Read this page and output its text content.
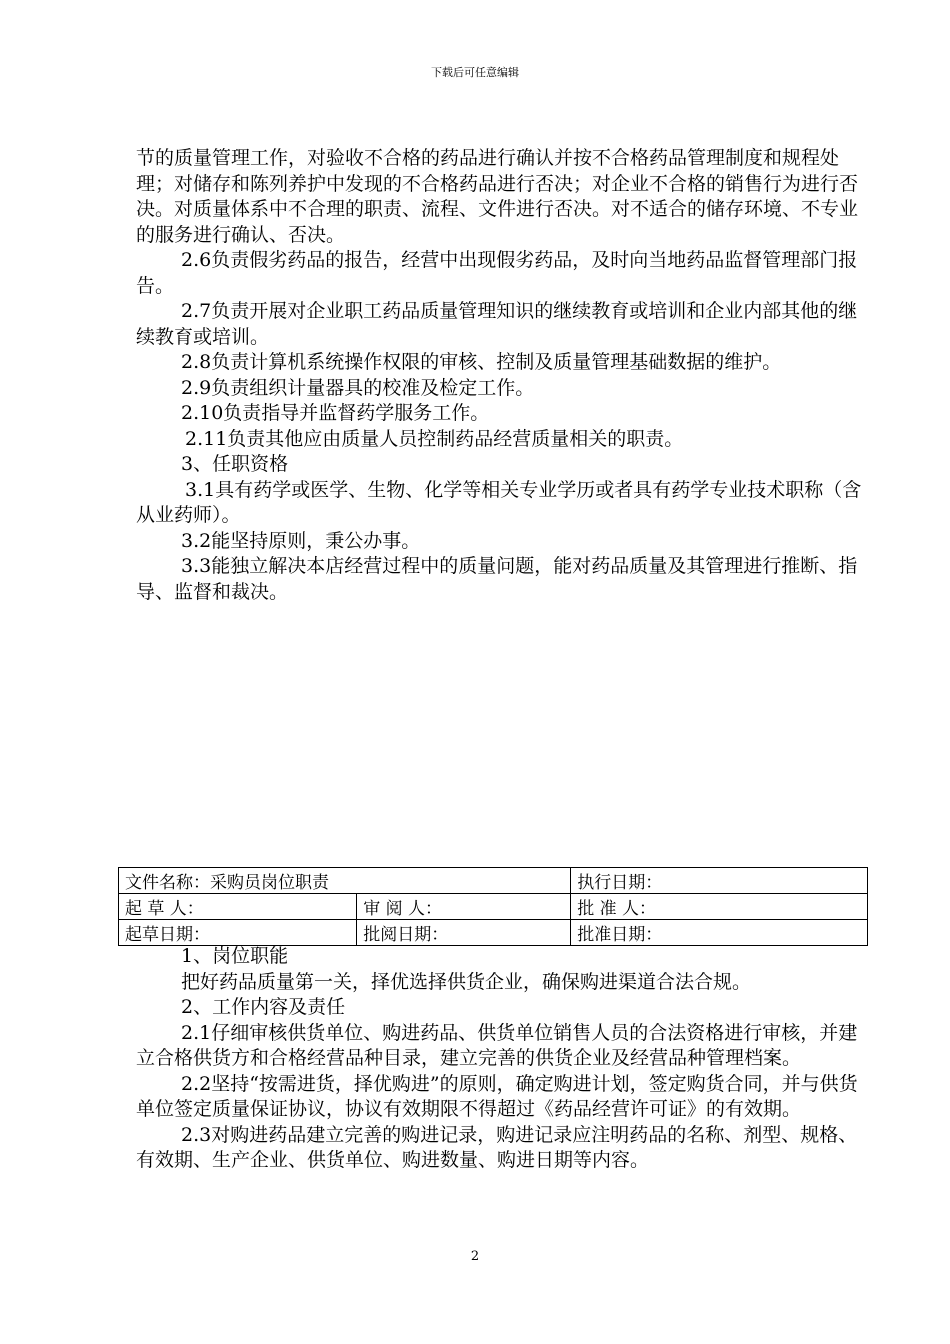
下载后可任意编辑

节的质量管理工作，对验收不合格的药品进行确认并按不合格药品管理制度和规程处理；对储存和陈列养护中发现的不合格药品进行否决；对企业不合格的销售行为进行否决。对质量体系中不合理的职责、流程、文件进行否决。对不适合的储存环境、不专业的服务进行确认、否决。

2.6负责假劣药品的报告，经营中出现假劣药品，及时向当地药品监督管理部门报告。

2.7负责开展对企业职工药品质量管理知识的继续教育或培训和企业内部其他的继续教育或培训。

2.8负责计算机系统操作权限的审核、控制及质量管理基础数据的维护。

2.9负责组织计量器具的校准及检定工作。

2.10负责指导并监督药学服务工作。

2.11负责其他应由质量人员控制药品经营质量相关的职责。

3、任职资格

3.1具有药学或医学、生物、化学等相关专业学历或者具有药学专业技术职称（含从业药师）。

3.2能坚持原则，秉公办事。

3.3能独立解决本店经营过程中的质量问题，能对药品质量及其管理进行推断、指导、监督和裁决。

文件名称：采购员岗位职责		执行日期：
起 草 人：	审 阅 人：	批 准 人：
起草日期：	批阅日期：	批准日期：

1、岗位职能

把好药品质量第一关，择优选择供货企业，确保购进渠道合法合规。

2、工作内容及责任

2.1仔细审核供货单位、购进药品、供货单位销售人员的合法资格进行审核，并建立合格供货方和合格经营品种目录，建立完善的供货企业及经营品种管理档案。

2.2坚持“按需进货，择优购进”的原则，确定购进计划，签定购货合同，并与供货单位签定质量保证协议，协议有效期限不得超过《药品经营许可证》的有效期。

2.3对购进药品建立完善的购进记录，购进记录应注明药品的名称、剂型、规格、有效期、生产企业、供货单位、购进数量、购进日期等内容。

2
